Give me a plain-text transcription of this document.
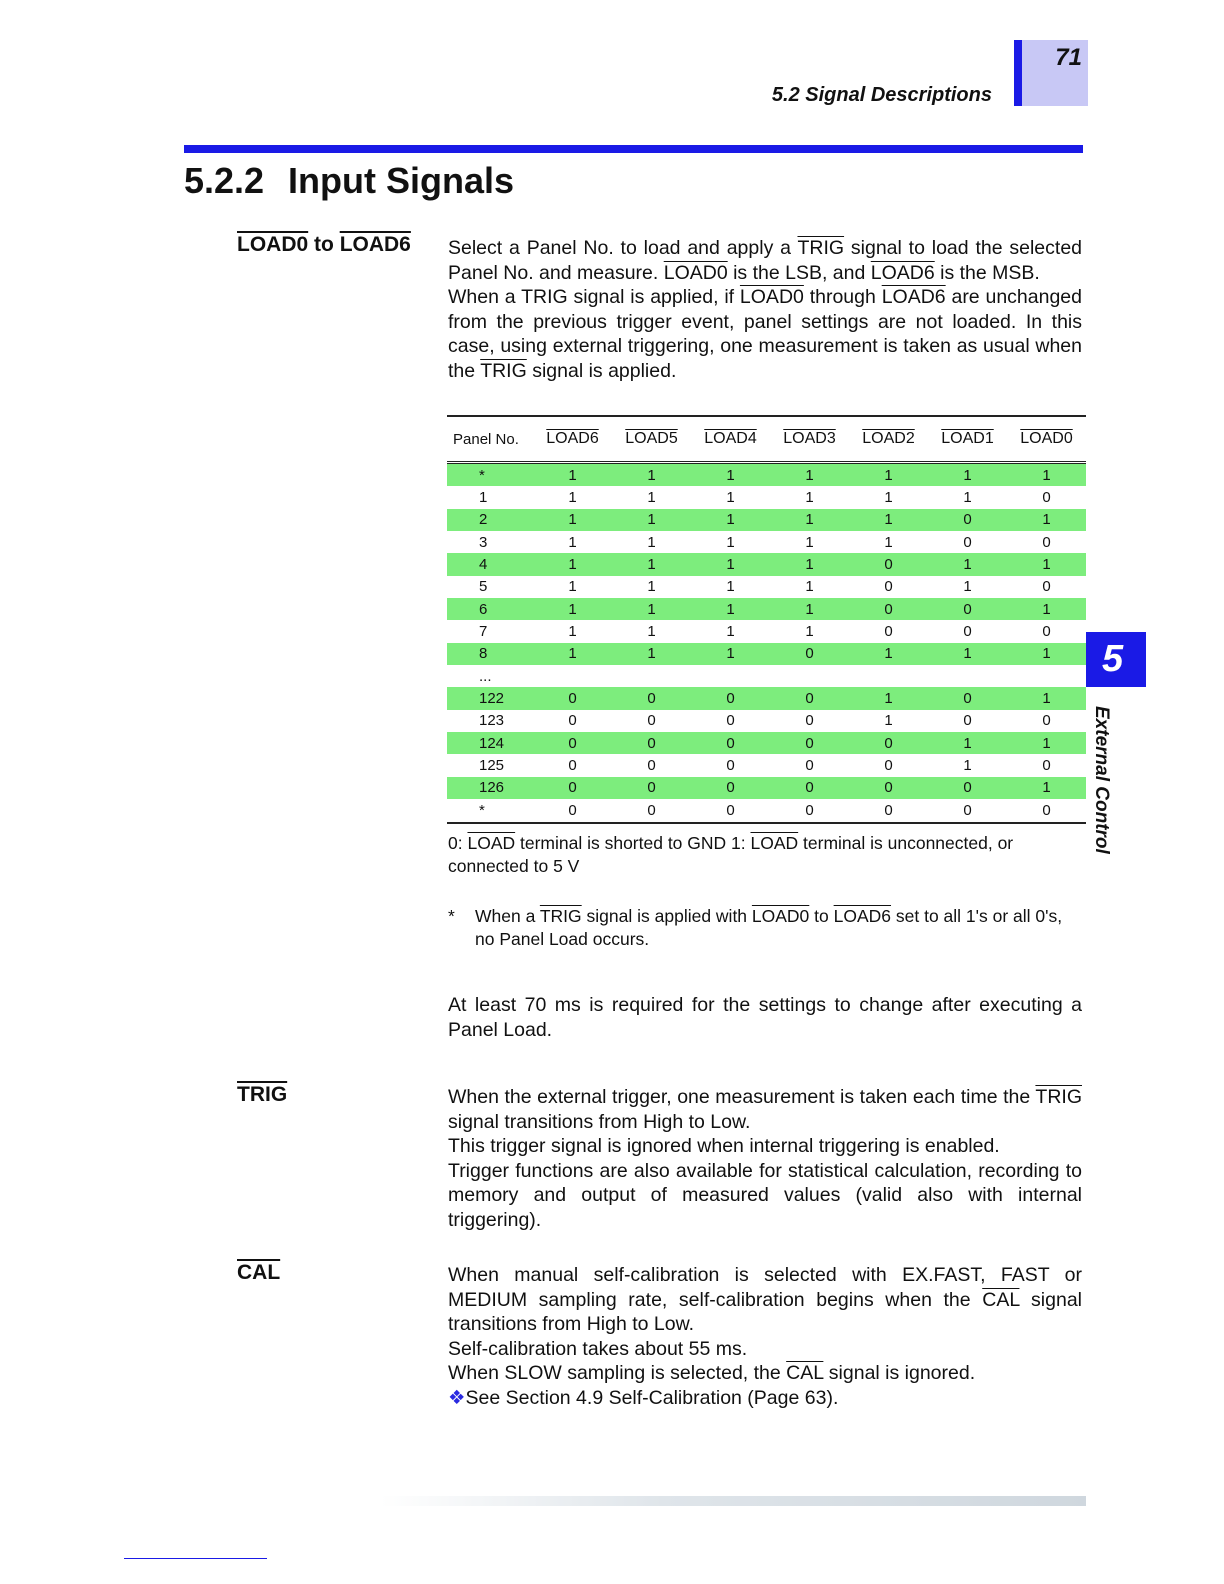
5.2 Signal Descriptions
71
5.2.2 Input Signals
LOAD0 to LOAD6 Select a Panel No. to load and apply a TRIG signal to load the selected Panel No. and measure. LOAD0 is the LSB, and LOAD6 is the MSB.

When a TRIG signal is applied, if LOAD0 through LOAD6 are unchanged from the previous trigger event, panel settings are not loaded. In this case, using external triggering, one measurement is taken as usual when the TRIG signal is applied.

Panel No.	LOAD6	LOAD5	LOAD4	LOAD3	LOAD2	LOAD1	LOAD0
*	1	1	1	1	1	1	1
1	1	1	1	1	1	1	0
2	1	1	1	1	1	0	1
3	1	1	1	1	1	0	0
4	1	1	1	1	0	1	1
5	1	1	1	1	0	1	0
6	1	1	1	1	0	0	1
7	1	1	1	1	0	0	0
8	1	1	1	0	1	1	1
...							
122	0	0	0	0	1	0	1
123	0	0	0	0	1	0	0
124	0	0	0	0	0	1	1
125	0	0	0	0	0	1	0
126	0	0	0	0	0	0	1
*	0	0	0	0	0	0	0
0: LOAD terminal is shorted to GND 1: LOAD terminal is unconnected, or connected to 5 V
* When a TRIG signal is applied with LOAD0 to LOAD6 set to all 1's or all 0's, no Panel Load occurs.
At least 70 ms is required for the settings to change after executing a Panel Load.
TRIG	When the external trigger, one measurement is taken each time the TRIG signal transitions from High to Low.

This trigger signal is ignored when internal triggering is enabled.

Trigger functions are also available for statistical calculation, recording to memory and output of measured values (valid also with internal triggering).

$\overline{CAL}$	When manual self-calibration is selected with EX.FAST, FAST or MEDIUM sampling rate, self-calibration begins when the $\overline{CAL}$ signal transitions from High to Low.

Self-calibration takes about 55 ms.

When SLOW sampling is selected, the $\overline{CAL}$ signal is ignored.

❖See Section 4.9 Self-Calibration (Page 63).

5
External Control
